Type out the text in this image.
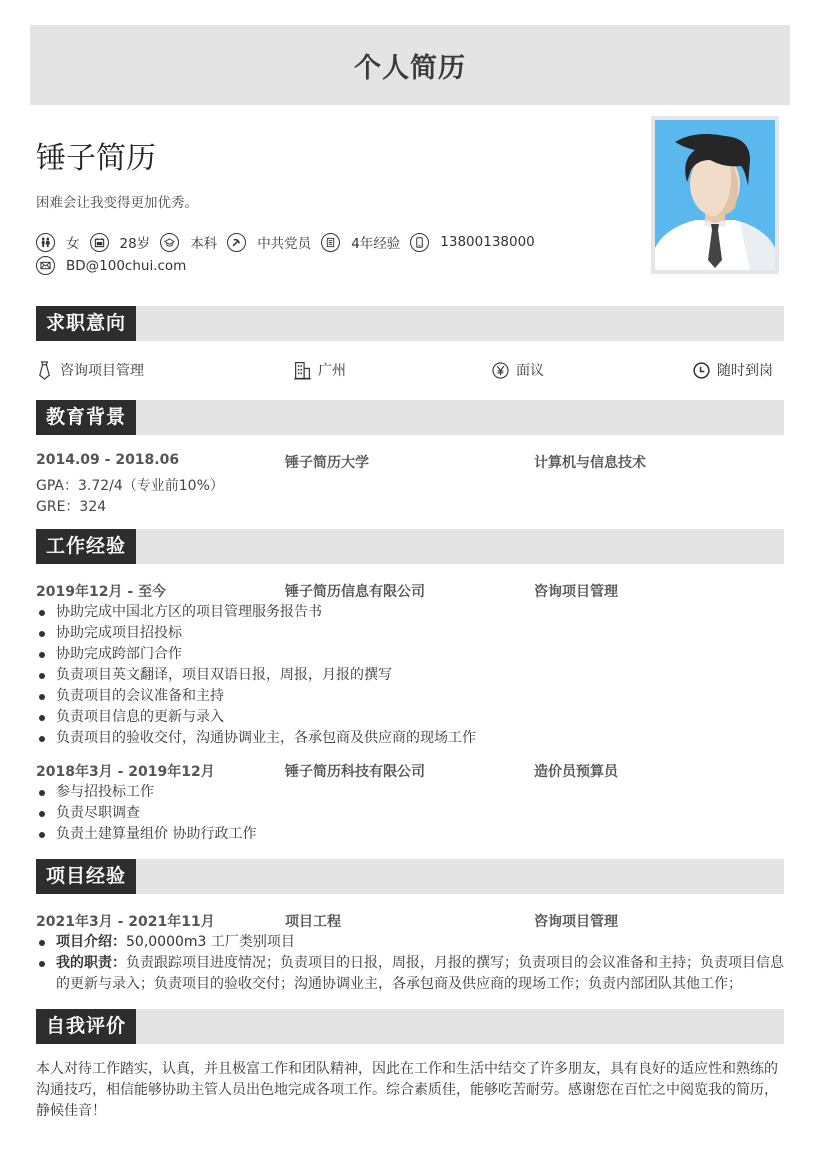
个人简历
锤子简历
困难会让我变得更加优秀。
女	28岁	本科	中共党员	4年经验	13800138000
BD@100chui.com
求职意向
咨询项目管理	广州	面议	随时到岗
教育背景
2014.09 - 2018.06	锤子简历大学	计算机与信息技术
GPA：3.72/4（专业前10%）
GRE：324
工作经验
2019年12月 - 至今	锤子简历信息有限公司	咨询项目管理
协助完成中国北方区的项目管理服务报告书
协助完成项目招投标
协助完成跨部门合作
负责项目英文翻译，项目双语日报，周报，月报的撰写
负责项目的会议准备和主持
负责项目信息的更新与录入
负责项目的验收交付，沟通协调业主，各承包商及供应商的现场工作
2018年3月 - 2019年12月	锤子简历科技有限公司	造价员预算员
参与招投标工作
负责尽职调查
负责土建算量组价 协助行政工作
项目经验
2021年3月 - 2021年11月	项目工程	咨询项目管理
项目介绍：50,0000m3 工厂类别项目
我的职责：负责跟踪项目进度情况；负责项目的日报，周报，月报的撰写；负责项目的会议准备和主持；负责项目信息的更新与录入；负责项目的验收交付；沟通协调业主，各承包商及供应商的现场工作；负责内部团队其他工作；
自我评价
本人对待工作踏实，认真，并且极富工作和团队精神，因此在工作和生活中结交了许多朋友，具有良好的适应性和熟练的沟通技巧，相信能够协助主管人员出色地完成各项工作。综合素质佳，能够吃苦耐劳。感谢您在百忙之中阅览我的简历，静候佳音！
